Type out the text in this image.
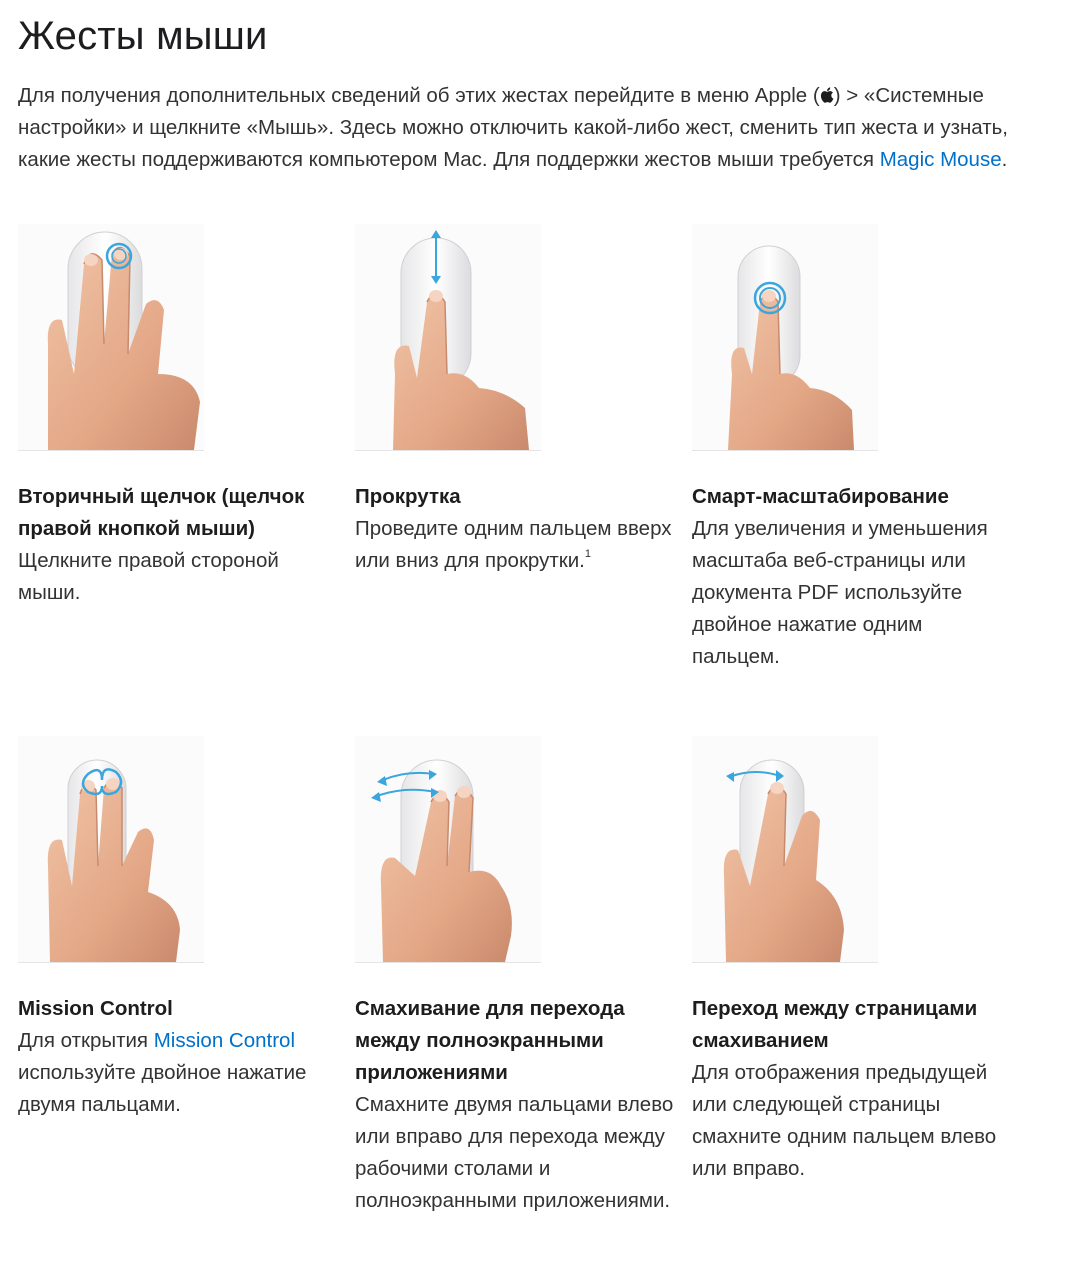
Жесты мыши

Для получения дополнительных сведений об этих жестах перейдите в меню Apple ( ) > «Системные настройки» и щелкните «Мышь». Здесь можно отключить какой-либо жест, сменить тип жеста и узнать, какие жесты поддерживаются компьютером Mac. Для поддержки жестов мыши требуется Magic Mouse.

Вторичный щелчок (щелчок правой кнопкой мыши)

Щелкните правой стороной мыши.

Прокрутка

Проведите одним пальцем вверх или вниз для прокрутки.$^1$

Смарт-масштабирование

Для увеличения и уменьшения масштаба веб-страницы или документа PDF используйте двойное нажатие одним пальцем.

Mission Control

Для открытия Mission Control используйте двойное нажатие двумя пальцами.

Смахивание для перехода между полноэкранными приложениями

Смахните двумя пальцами влево или вправо для перехода между рабочими столами и полноэкранными приложениями.

Переход между страницами смахиванием

Для отображения предыдущей или следующей страницы смахните одним пальцем влево или вправо.
